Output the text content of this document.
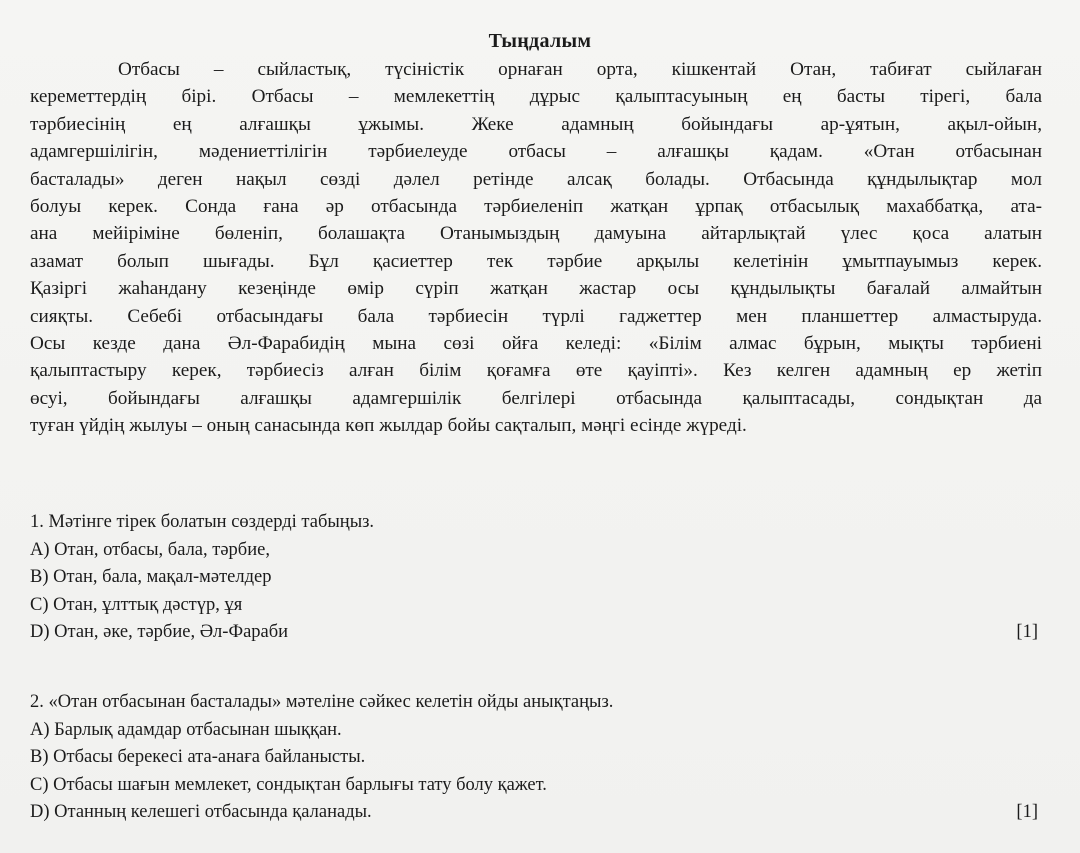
Тыңдалым
Отбасы – сыйластық, түсіністік орнаған орта, кішкентай Отан, табиғат сыйлаған
кереметтердің бірі. Отбасы – мемлекеттің дұрыс қалыптасуының ең басты тірегі, бала
тәрбиесінің ең алғашқы ұжымы. Жеке адамның бойындағы ар-ұятын, ақыл-ойын,
адамгершілігін, мәдениеттілігін тәрбиелеуде отбасы – алғашқы қадам. «Отан отбасынан
басталады» деген нақыл сөзді дәлел ретінде алсақ болады. Отбасында құндылықтар мол
болуы керек. Сонда ғана әр отбасында тәрбиеленіп жатқан ұрпақ отбасылық махаббатқа, ата-
ана мейіріміне бөленіп, болашақта Отанымыздың дамуына айтарлықтай үлес қоса алатын
азамат болып шығады. Бұл қасиеттер тек тәрбие арқылы келетінін ұмытпауымыз керек.
Қазіргі жаһандану кезеңінде өмір сүріп жатқан жастар осы құндылықты бағалай алмайтын
сияқты. Себебі отбасындағы бала тәрбиесін түрлі гаджеттер мен планшеттер алмастыруда.
Осы кезде дана Әл-Фарабидің мына сөзі ойға келеді: «Білім алмас бұрын, мықты тәрбиені
қалыптастыру керек, тәрбиесіз алған білім қоғамға өте қауіпті». Кез келген адамның ер жетіп
өсуі, бойындағы алғашқы адамгершілік белгілері отбасында қалыптасады, сондықтан да
туған үйдің жылуы – оның санасында көп жылдар бойы сақталып, мәңгі есінде жүреді.
1. Мәтінге тірек болатын сөздерді табыңыз.
A) Отан, отбасы, бала, тәрбие,
B) Отан, бала, мақал-мәтелдер
C) Отан, ұлттық дәстүр, ұя
D) Отан, әке, тәрбие, Әл-Фараби	[1]
2. «Отан отбасынан басталады» мәтеліне сәйкес келетін ойды анықтаңыз.
A) Барлық адамдар отбасынан шыққан.
B) Отбасы берекесі ата-анаға байланысты.
C) Отбасы шағын мемлекет, сондықтан барлығы тату болу қажет.
D) Отанның келешегі отбасында қаланады.	[1]
